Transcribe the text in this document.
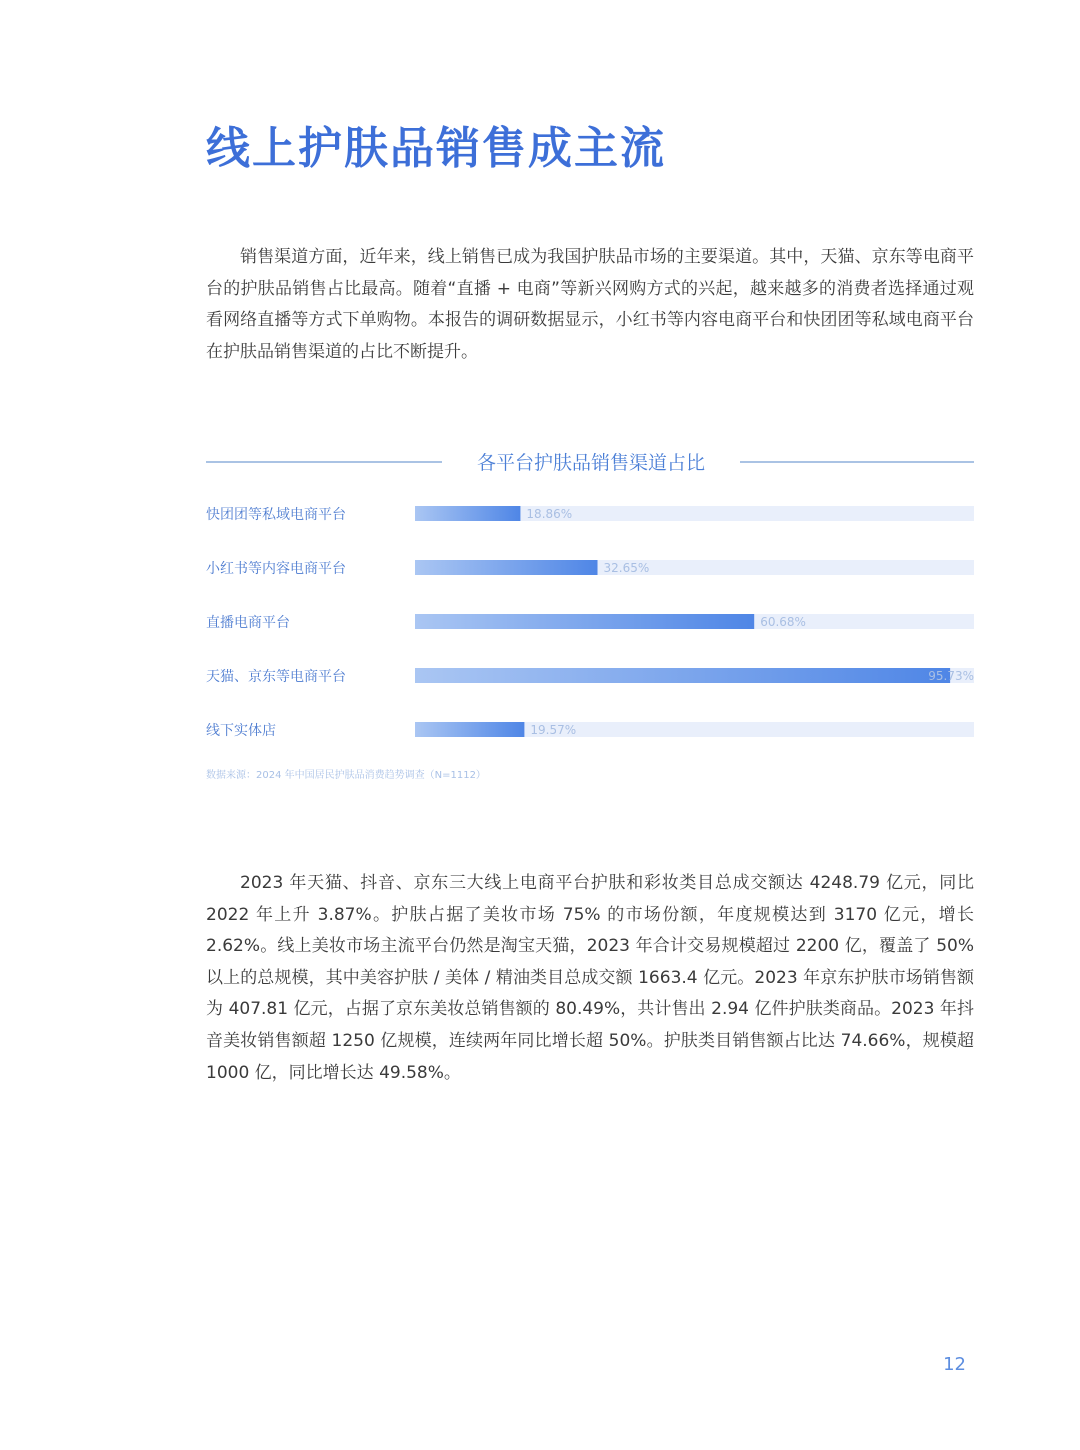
线上护肤品销售成主流

销售渠道方面，近年来，线上销售已成为我国护肤品市场的主要渠道。其中，天猫、京东等电商平台的护肤品销售占比最高。随着“直播 + 电商”等新兴网购方式的兴起，越来越多的消费者选择通过观看网络直播等方式下单购物。本报告的调研数据显示，小红书等内容电商平台和快团团等私域电商平台在护肤品销售渠道的占比不断提升。

各平台护肤品销售渠道占比
快团团等私域电商平台	18.86%
小红书等内容电商平台	32.65%
直播电商平台	60.68%
天猫、京东等电商平台	95.73%
线下实体店	19.57%
数据来源：2024 年中国居民护肤品消费趋势调查（N=1112）

2023 年天猫、抖音、京东三大线上电商平台护肤和彩妆类目总成交额达 4248.79 亿元，同比 2022 年上升 3.87%。护肤占据了美妆市场 75% 的市场份额，年度规模达到 3170 亿元，增长 2.62%。线上美妆市场主流平台仍然是淘宝天猫，2023 年合计交易规模超过 2200 亿，覆盖了 50% 以上的总规模，其中美容护肤 / 美体 / 精油类目总成交额 1663.4 亿元。2023 年京东护肤市场销售额为 407.81 亿元，占据了京东美妆总销售额的 80.49%，共计售出 2.94 亿件护肤类商品。2023 年抖音美妆销售额超 1250 亿规模，连续两年同比增长超 50%。护肤类目销售额占比达 74.66%，规模超 1000 亿，同比增长达 49.58%。

12
